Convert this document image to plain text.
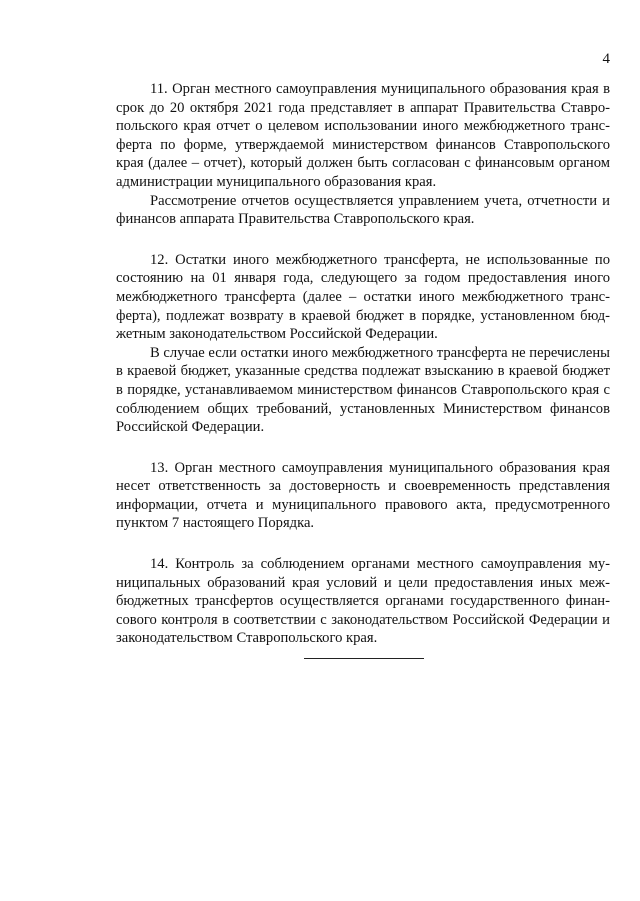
4

11. Орган местного самоуправления муниципального образования края в срок до 20 октября 2021 года представляет в аппарат Правительства Ставропольского края отчет о целевом использовании иного межбюджетного трансферта по форме, утверждаемой министерством финансов Ставропольского края (далее – отчет), который должен быть согласован с финансовым органом администрации муниципального образования края.

Рассмотрение отчетов осуществляется управлением учета, отчетности и финансов аппарата Правительства Ставропольского края.

12. Остатки иного межбюджетного трансферта, не использованные по состоянию на 01 января года, следующего за годом предоставления иного межбюджетного трансферта (далее – остатки иного межбюджетного трансферта), подлежат возврату в краевой бюджет в порядке, установленном бюджетным законодательством Российской Федерации.

В случае если остатки иного межбюджетного трансферта не перечислены в краевой бюджет, указанные средства подлежат взысканию в краевой бюджет в порядке, устанавливаемом министерством финансов Ставропольского края с соблюдением общих требований, установленных Министерством финансов Российской Федерации.

13. Орган местного самоуправления муниципального образования края несет ответственность за достоверность и своевременность представления информации, отчета и муниципального правового акта, предусмотренного пунктом 7 настоящего Порядка.

14. Контроль за соблюдением органами местного самоуправления муниципальных образований края условий и цели предоставления иных межбюджетных трансфертов осуществляется органами государственного финансового контроля в соответствии с законодательством Российской Федерации и законодательством Ставропольского края.
